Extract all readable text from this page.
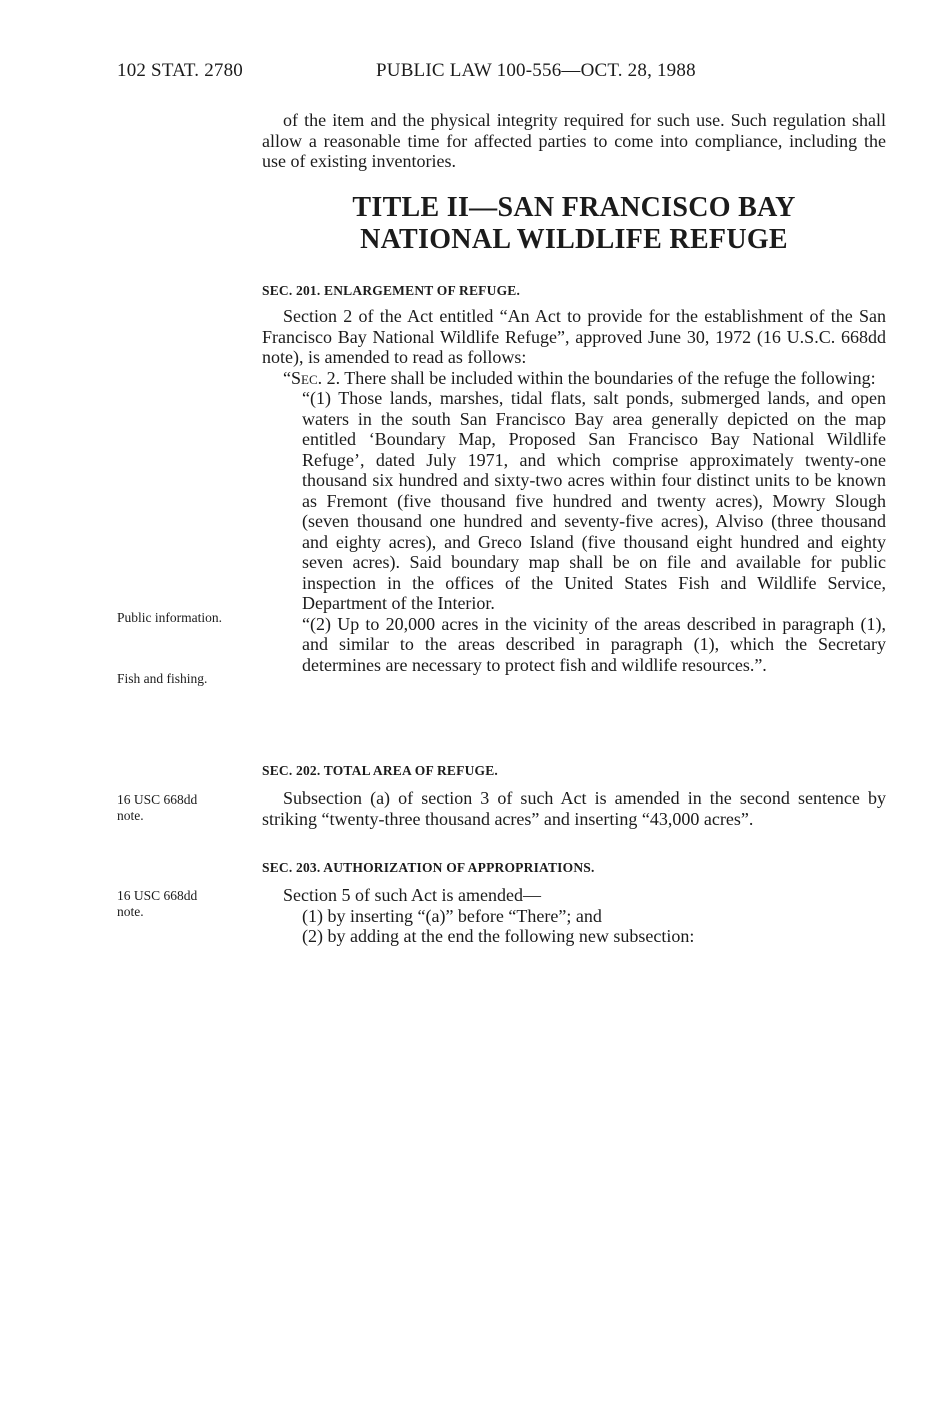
102 STAT. 2780	PUBLIC LAW 100-556—OCT. 28, 1988

of the item and the physical integrity required for such use. Such regulation shall allow a reasonable time for affected parties to come into compliance, including the use of existing inventories.

TITLE II—SAN FRANCISCO BAY
NATIONAL WILDLIFE REFUGE
SEC. 201. ENLARGEMENT OF REFUGE.

Section 2 of the Act entitled “An Act to provide for the establishment of the San Francisco Bay National Wildlife Refuge”, approved June 30, 1972 (16 U.S.C. 668dd note), is amended to read as follows:

“Sec. 2. There shall be included within the boundaries of the refuge the following:

“(1) Those lands, marshes, tidal flats, salt ponds, submerged lands, and open waters in the south San Francisco Bay area generally depicted on the map entitled ‘Boundary Map, Proposed San Francisco Bay National Wildlife Refuge’, dated July 1971, and which comprise approximately twenty-one thousand six hundred and sixty-two acres within four distinct units to be known as Fremont (five thousand five hundred and twenty acres), Mowry Slough (seven thousand one hundred and seventy-five acres), Alviso (three thousand and eighty acres), and Greco Island (five thousand eight hundred and eighty seven acres). Said boundary map shall be on file and available for public inspection in the offices of the United States Fish and Wildlife Service, Department of the Interior.

“(2) Up to 20,000 acres in the vicinity of the areas described in paragraph (1), and similar to the areas described in paragraph (1), which the Secretary determines are necessary to protect fish and wildlife resources.”.

SEC. 202. TOTAL AREA OF REFUGE.

Subsection (a) of section 3 of such Act is amended in the second sentence by striking “twenty-three thousand acres” and inserting “43,000 acres”.

SEC. 203. AUTHORIZATION OF APPROPRIATIONS.

Section 5 of such Act is amended—

(1) by inserting “(a)” before “There”; and

(2) by adding at the end the following new subsection:

Public information.
Fish and fishing.
16 USC 668dd note.
16 USC 668dd note.
